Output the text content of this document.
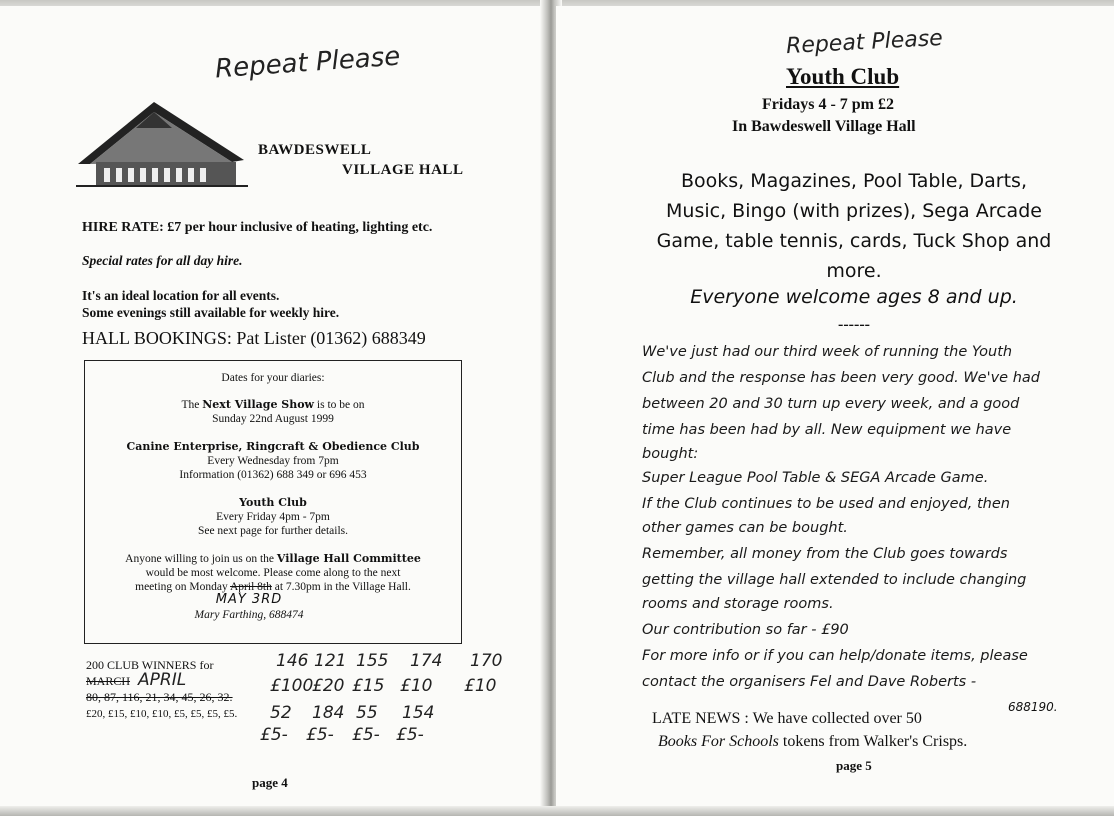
Repeat Please
BAWDESWELL
VILLAGE HALL
HIRE RATE: £7 per hour inclusive of heating, lighting etc.
Special rates for all day hire.
It's an ideal location for all events.
Some evenings still available for weekly hire.
HALL BOOKINGS: Pat Lister (01362) 688349
Dates for your diaries:
The Next Village Show is to be on
Sunday 22nd August 1999
Canine Enterprise, Ringcraft & Obedience Club
Every Wednesday from 7pm
Information (01362) 688 349 or 696 453
Youth Club
Every Friday 4pm - 7pm
See next page for further details.
Anyone willing to join us on the Village Hall Committee
would be most welcome. Please come along to the next
meeting on Monday April 8th at 7.30pm in the Village Hall.
MAY 3RD
Mary Farthing, 688474
200 CLUB WINNERS for
MARCH APRIL
80, 87, 116, 21, 34, 45, 26, 32.
£20, £15, £10, £10, £5, £5, £5, £5.
146 121 155 174 170
£100
£20 £15 £10 £10
52 184 55 154
£5- £5- £5- £5-
page 4
Repeat Please
Youth Club
Fridays 4 - 7 pm £2
In Bawdeswell Village Hall
Books, Magazines, Pool Table, Darts,
Music, Bingo (with prizes), Sega Arcade
Game, table tennis, cards, Tuck Shop and
more.
Everyone welcome ages 8 and up.
------
We've just had our third week of running the Youth
Club and the response has been very good. We've had
between 20 and 30 turn up every week, and a good
time has been had by all. New equipment we have
bought:
Super League Pool Table & SEGA Arcade Game.
If the Club continues to be used and enjoyed, then
other games can be bought.
Remember, all money from the Club goes towards
getting the village hall extended to include changing
rooms and storage rooms.
Our contribution so far - £90
For more info or if you can help/donate items, please
contact the organisers Fel and Dave Roberts -
688190.
LATE NEWS : We have collected over 50
Books For Schools tokens from Walker's Crisps.
page 5
